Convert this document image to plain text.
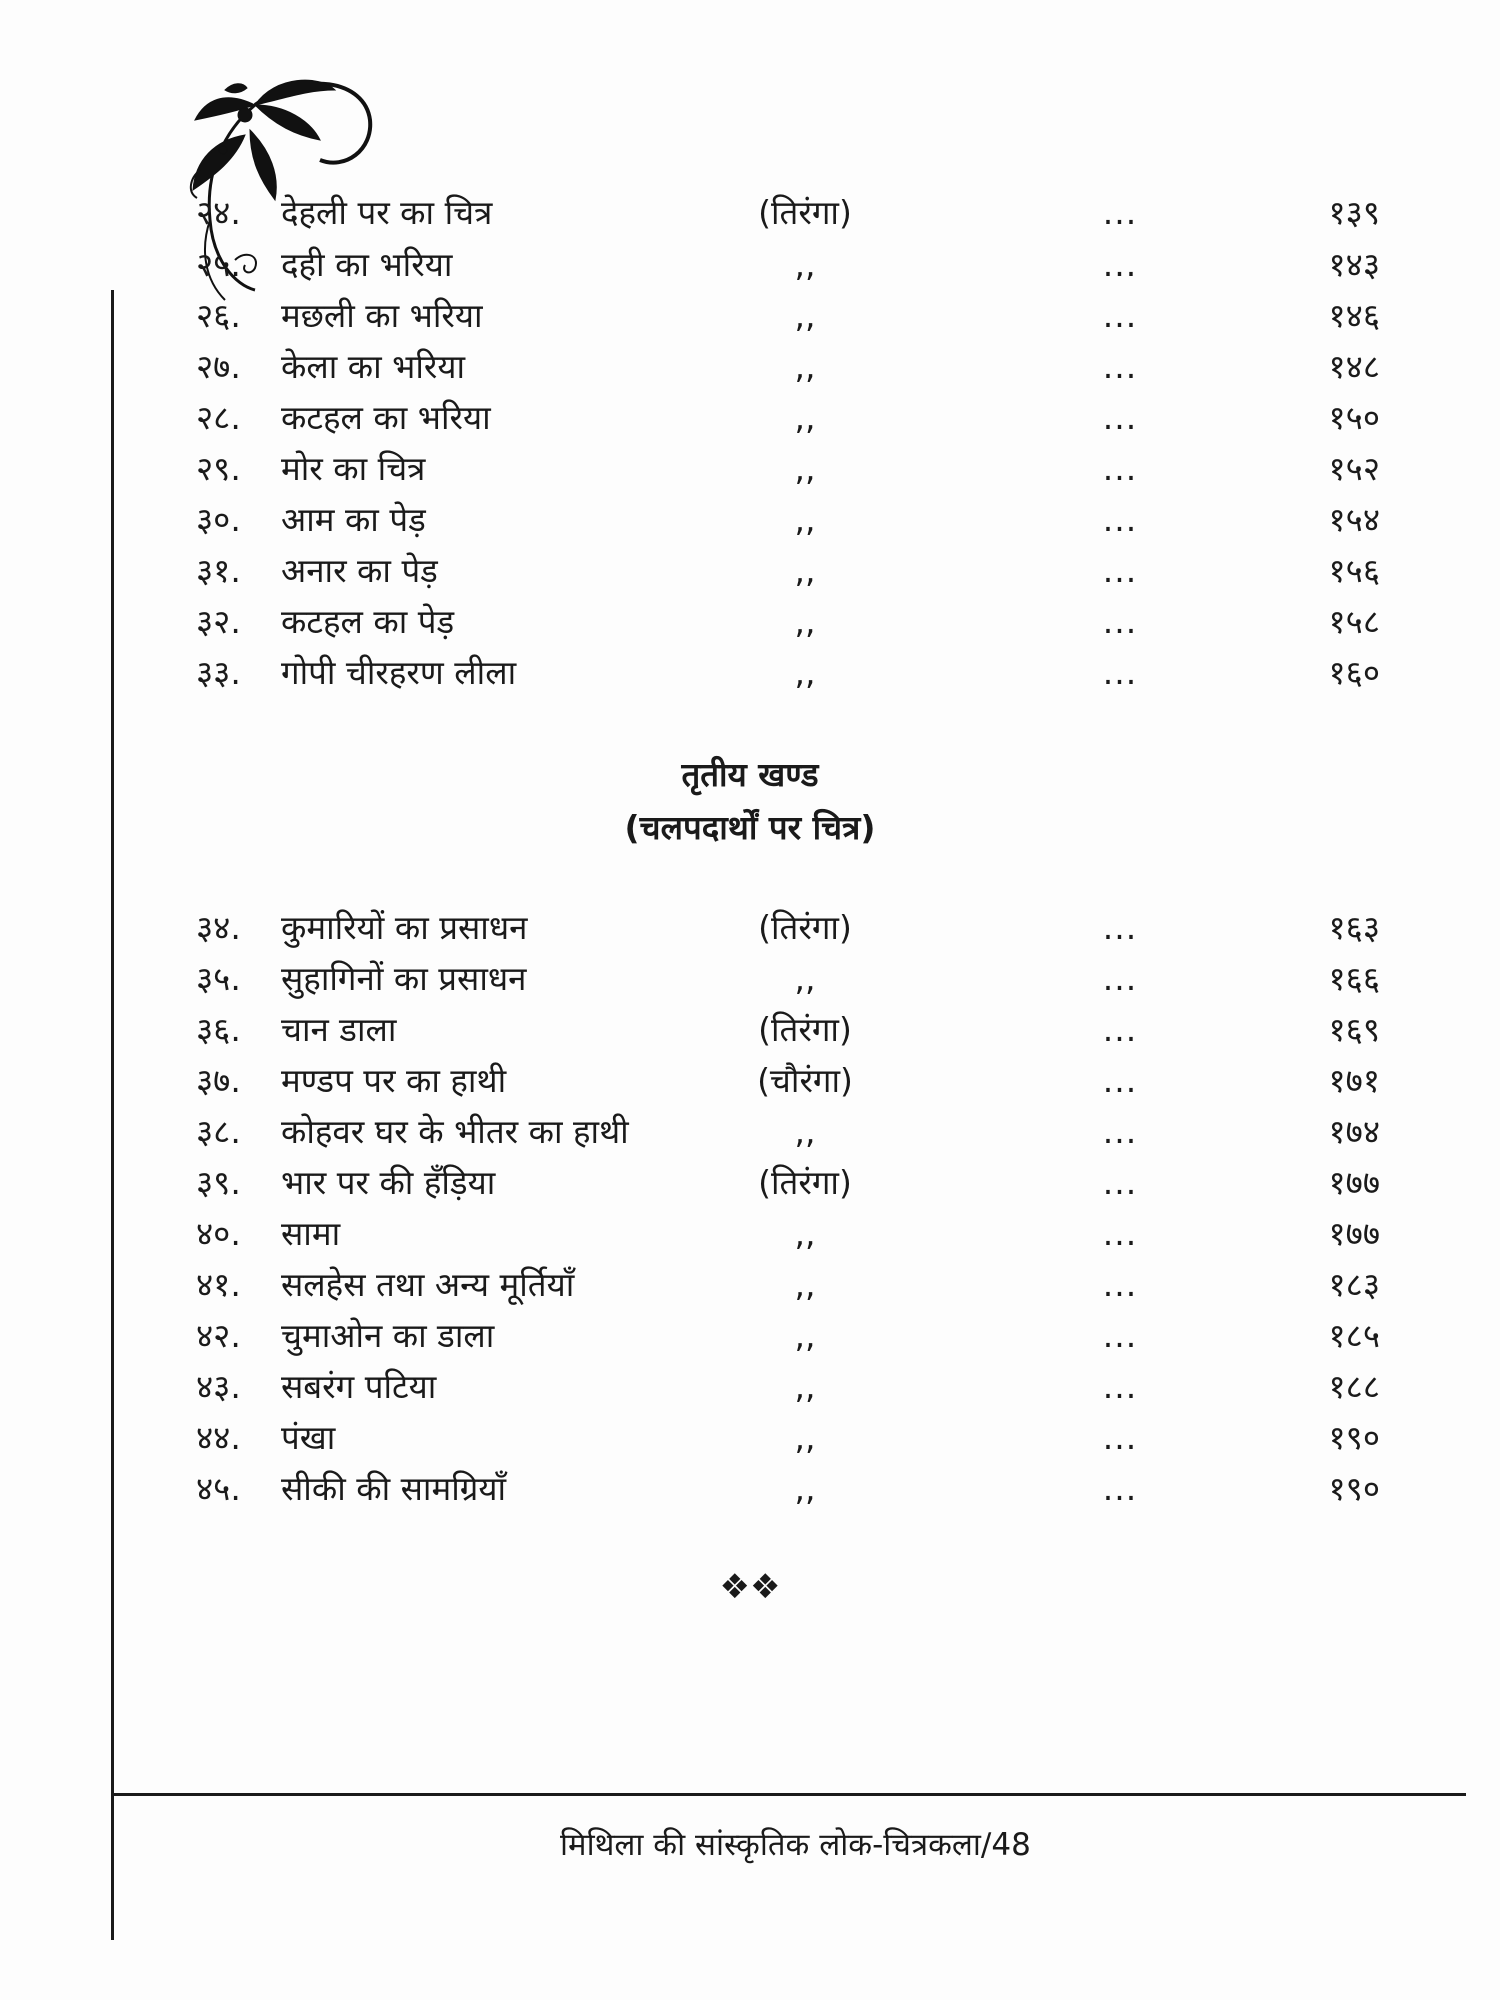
२४.	देहली पर का चित्र	(तिरंगा)	...	१३९
२५.	दही का भरिया	,,	...	१४३
२६.	मछली का भरिया	,,	...	१४६
२७.	केला का भरिया	,,	...	१४८
२८.	कटहल का भरिया	,,	...	१५०
२९.	मोर का चित्र	,,	...	१५२
३०.	आम का पेड़	,,	...	१५४
३१.	अनार का पेड़	,,	...	१५६
३२.	कटहल का पेड़	,,	...	१५८
३३.	गोपी चीरहरण लीला	,,	...	१६०
तृतीय खण्ड
(चलपदार्थों पर चित्र)
३४.	कुमारियों का प्रसाधन	(तिरंगा)	...	१६३
३५.	सुहागिनों का प्रसाधन	,,	...	१६६
३६.	चान डाला	(तिरंगा)	...	१६९
३७.	मण्डप पर का हाथी	(चौरंगा)	...	१७१
३८.	कोहवर घर के भीतर का हाथी	,,	...	१७४
३९.	भार पर की हँड़िया	(तिरंगा)	...	१७७
४०.	सामा	,,	...	१७७
४१.	सलहेस तथा अन्य मूर्तियाँ	,,	...	१८३
४२.	चुमाओन का डाला	,,	...	१८५
४३.	सबरंग पटिया	,,	...	१८८
४४.	पंखा	,,	...	१९०
४५.	सीकी की सामग्रियाँ	,,	...	१९०
❖❖
मिथिला की सांस्कृतिक लोक-चित्रकला/48
